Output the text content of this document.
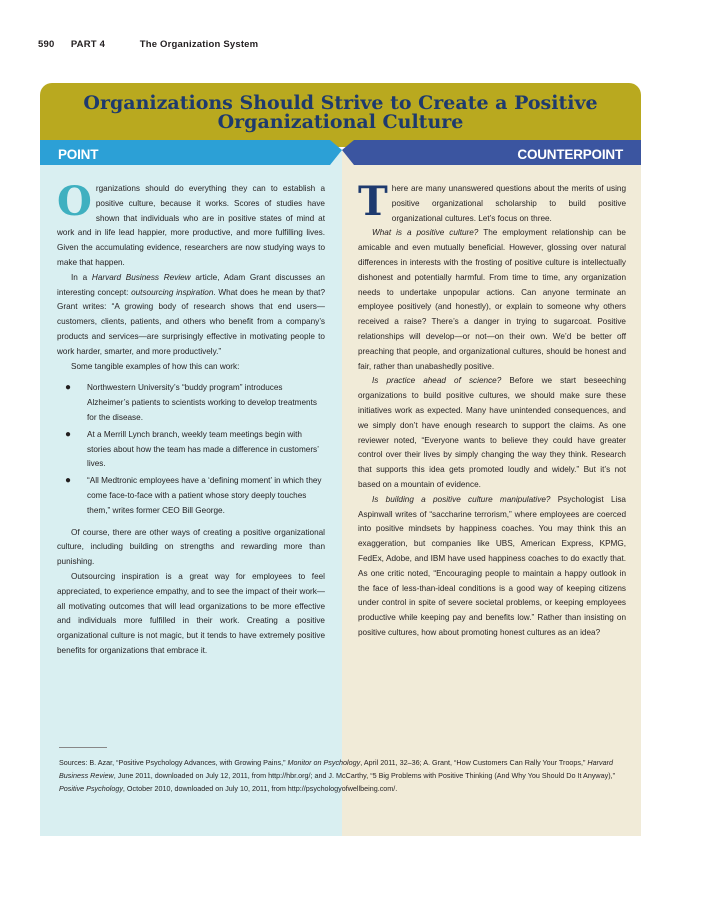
590 PART 4	The Organization System
Organizations Should Strive to Create a Positive
Organizational Culture
POINT	COUNTERPOINT

Organizations should do everything they can to establish a positive culture, because it works. Scores of studies have shown that individuals who are in positive states of mind at work and in life lead happier, more productive, and more fulfilling lives. Given the accumulating evidence, researchers are now studying ways to make that happen.

In a Harvard Business Review article, Adam Grant discusses an interesting concept: outsourcing inspiration. What does he mean by that? Grant writes: “A growing body of research shows that end users—customers, clients, patients, and others who benefit from a company’s products and services—are surprisingly effective in motivating people to work harder, smarter, and more productively.”

Some tangible examples of how this can work:

● Northwestern University’s “buddy program” introduces Alzheimer’s patients to scientists working to develop treatments for the disease.
● At a Merrill Lynch branch, weekly team meetings begin with stories about how the team has made a difference in customers’ lives.
● “All Medtronic employees have a ‘defining moment’ in which they come face-to-face with a patient whose story deeply touches them,” writes former CEO Bill George.

Of course, there are other ways of creating a positive organizational culture, including building on strengths and rewarding more than punishing.

Outsourcing inspiration is a great way for employees to feel appreciated, to experience empathy, and to see the impact of their work—all motivating outcomes that will lead organizations to be more effective and individuals more fulfilled in their work. Creating a positive organizational culture is not magic, but it tends to have extremely positive benefits for organizations that embrace it.

There are many unanswered questions about the merits of using positive organizational scholarship to build positive organizational cultures. Let’s focus on three.

What is a positive culture? The employment relationship can be amicable and even mutually beneficial. However, glossing over natural differences in interests with the frosting of positive culture is intellectually dishonest and potentially harmful. From time to time, any organization needs to undertake unpopular actions. Can anyone terminate an employee positively (and honestly), or explain to someone why others received a raise? There’s a danger in trying to sugarcoat. Positive relationships will develop—or not—on their own. We’d be better off preaching that people, and organizational cultures, should be honest and fair, rather than unabashedly positive.

Is practice ahead of science? Before we start beseeching organizations to build positive cultures, we should make sure these initiatives work as expected. Many have unintended consequences, and we simply don’t have enough research to support the claims. As one reviewer noted, “Everyone wants to believe they could have greater control over their lives by simply changing the way they think. Research that supports this idea gets promoted loudly and widely.” But it’s not based on a mountain of evidence.

Is building a positive culture manipulative? Psychologist Lisa Aspinwall writes of “saccharine terrorism,” where employees are coerced into positive mindsets by happiness coaches. You may think this an exaggeration, but companies like UBS, American Express, KPMG, FedEx, Adobe, and IBM have used happiness coaches to do exactly that. As one critic noted, “Encouraging people to maintain a happy outlook in the face of less-than-ideal conditions is a good way of keeping citizens under control in spite of severe societal problems, or keeping employees productive while keeping pay and benefits low.” Rather than insisting on positive cultures, how about promoting honest cultures as an idea?

Sources: B. Azar, “Positive Psychology Advances, with Growing Pains,” Monitor on Psychology, April 2011, 32–36; A. Grant, “How Customers Can Rally Your Troops,” Harvard Business Review, June 2011, downloaded on July 12, 2011, from http://hbr.org/; and J. McCarthy, “5 Big Problems with Positive Thinking (And Why You Should Do It Anyway),” Positive Psychology, October 2010, downloaded on July 10, 2011, from http://psychologyofwellbeing.com/.
